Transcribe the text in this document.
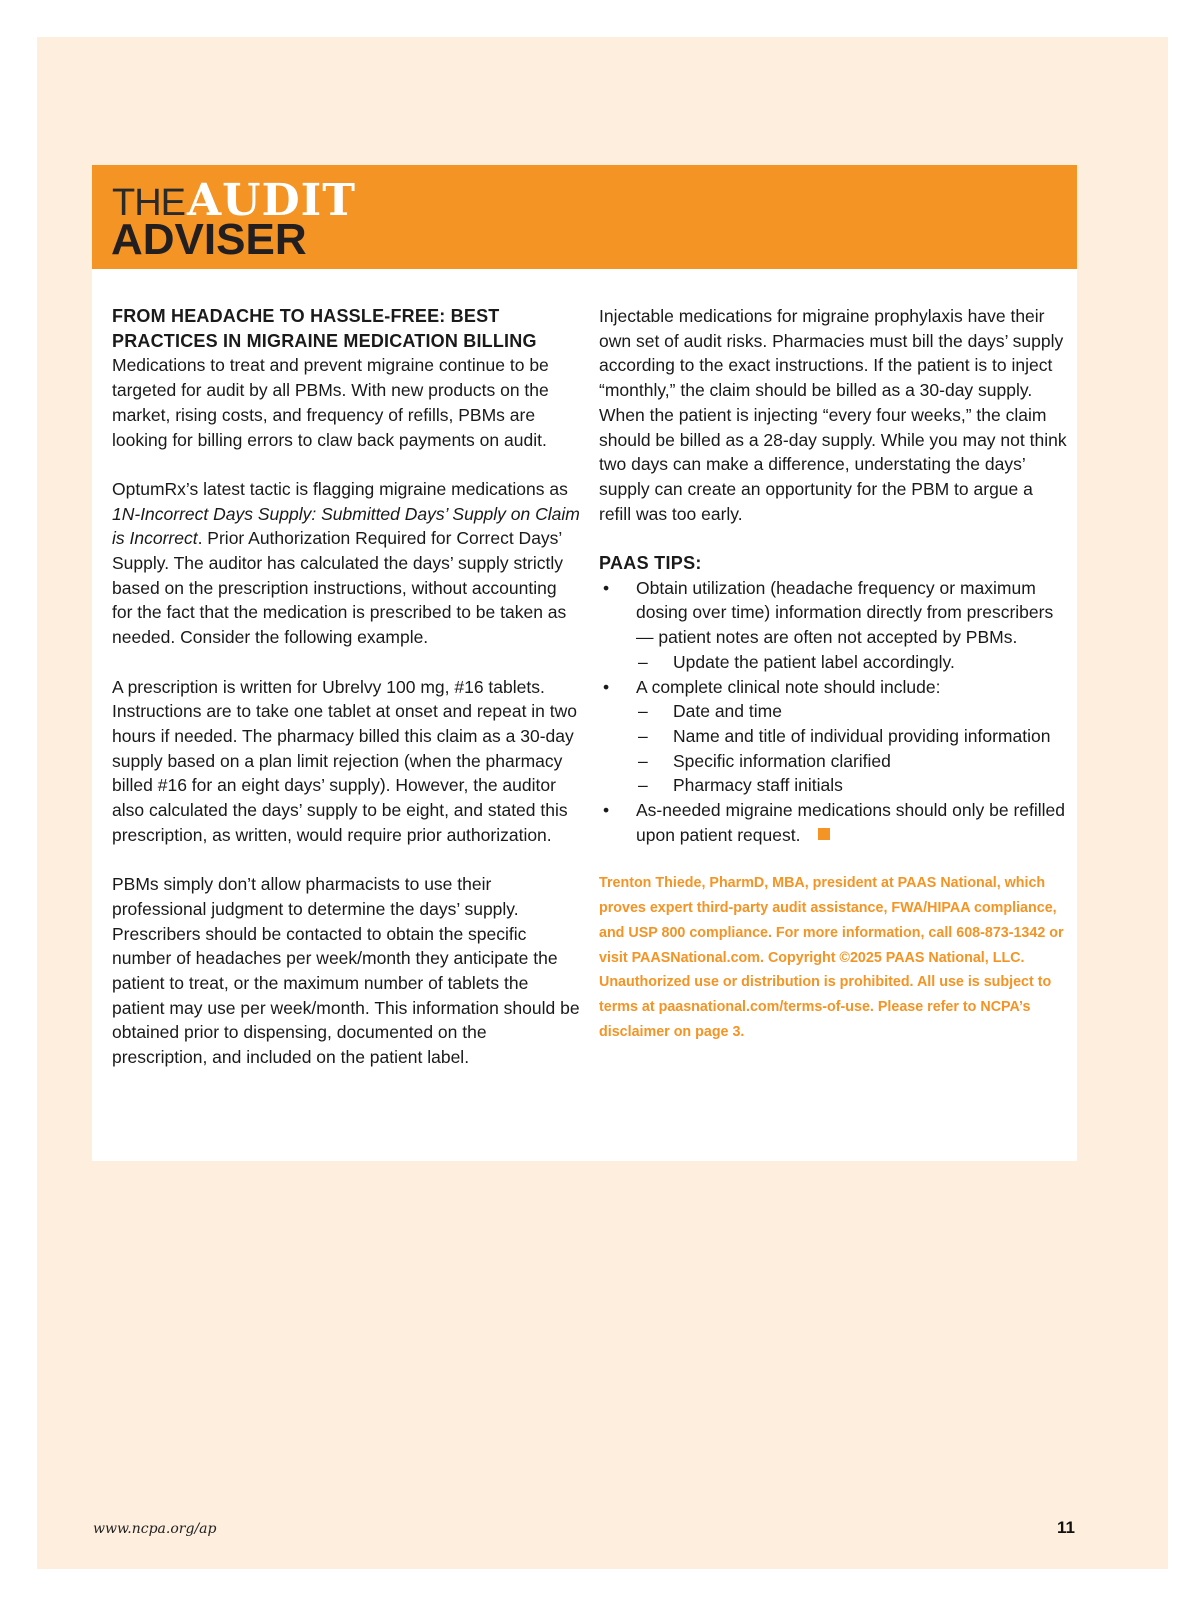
THEAUDIT
ADVISER
FROM HEADACHE TO HASSLE-FREE: BEST PRACTICES IN MIGRAINE MEDICATION BILLING

Medications to treat and prevent migraine continue to be targeted for audit by all PBMs. With new products on the market, rising costs, and frequency of refills, PBMs are looking for billing errors to claw back payments on audit.

OptumRx’s latest tactic is flagging migraine medications as 1N-Incorrect Days Supply: Submitted Days’ Supply on Claim is Incorrect. Prior Authorization Required for Correct Days’ Supply. The auditor has calculated the days’ supply strictly based on the prescription instructions, without accounting for the fact that the medication is prescribed to be taken as needed. Consider the following example.

A prescription is written for Ubrelvy 100 mg, #16 tablets. Instructions are to take one tablet at onset and repeat in two hours if needed. The pharmacy billed this claim as a 30-day supply based on a plan limit rejection (when the pharmacy billed #16 for an eight days’ supply). However, the auditor also calculated the days’ supply to be eight, and stated this prescription, as written, would require prior authorization.

PBMs simply don’t allow pharmacists to use their professional judgment to determine the days’ supply. Prescribers should be contacted to obtain the specific number of headaches per week/month they anticipate the patient to treat, or the maximum number of tablets the patient may use per week/month. This information should be obtained prior to dispensing, documented on the prescription, and included on the patient label.

Injectable medications for migraine prophylaxis have their own set of audit risks. Pharmacies must bill the days’ supply according to the exact instructions. If the patient is to inject “monthly,” the claim should be billed as a 30-day supply. When the patient is injecting “every four weeks,” the claim should be billed as a 28-day supply. While you may not think two days can make a difference, understating the days’ supply can create an opportunity for the PBM to argue a refill was too early.

PAAS TIPS:
• Obtain utilization (headache frequency or maximum dosing over time) information directly from prescribers — patient notes are often not accepted by PBMs.
– Update the patient label accordingly.
• A complete clinical note should include:
– Date and time
– Name and title of individual providing information
– Specific information clarified
– Pharmacy staff initials
• As-needed migraine medications should only be refilled upon patient request.
Trenton Thiede, PharmD, MBA, president at PAAS National, which proves expert third-party audit assistance, FWA/HIPAA compliance, and USP 800 compliance. For more information, call 608-873-1342 or visit PAASNational.com. Copyright ©2025 PAAS National, LLC. Unauthorized use or distribution is prohibited. All use is subject to terms at paasnational.com/terms-of-use. Please refer to NCPA’s disclaimer on page 3.
www.ncpa.org/ap	11
